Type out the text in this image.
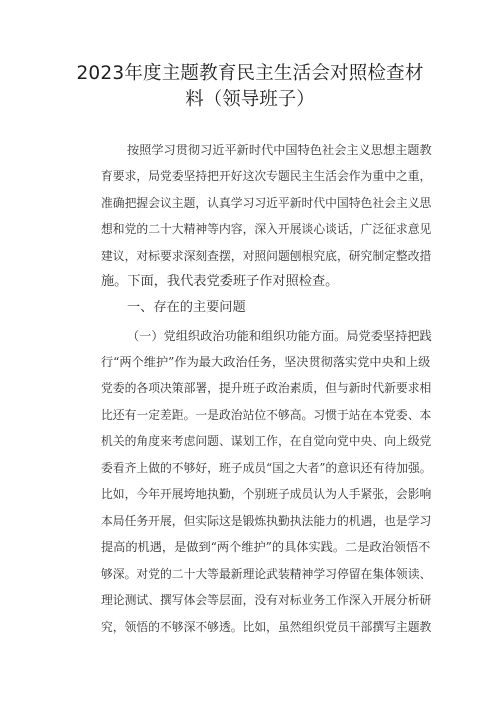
2023年度主题教育民主生活会对照检查材
料（领导班子）
按照学习贯彻习近平新时代中国特色社会主义思想主题教
育要求，局党委坚持把开好这次专题民主生活会作为重中之重，
准确把握会议主题，认真学习习近平新时代中国特色社会主义思
想和党的二十大精神等内容，深入开展谈心谈话，广泛征求意见
建议，对标要求深刻查摆，对照问题刨根究底，研究制定整改措
施。下面，我代表党委班子作对照检查。
一、存在的主要问题
（一）党组织政治功能和组织功能方面。局党委坚持把践
行“两个维护”作为最大政治任务，坚决贯彻落实党中央和上级
党委的各项决策部署，提升班子政治素质，但与新时代新要求相
比还有一定差距。一是政治站位不够高。习惯于站在本党委、本
机关的角度来考虑问题、谋划工作，在自觉向党中央、向上级党
委看齐上做的不够好，班子成员“国之大者”的意识还有待加强。
比如，今年开展垮地执勤，个别班子成员认为人手紧张，会影响
本局任务开展，但实际这是锻炼执勤执法能力的机遇，也是学习
提高的机遇，是做到“两个维护”的具体实践。二是政治领悟不
够深。对党的二十大等最新理论武装精神学习停留在集体领读、
理论测试、撰写体会等层面，没有对标业务工作深入开展分析研
究，领悟的不够深不够透。比如，虽然组织党员干部撰写主题教
